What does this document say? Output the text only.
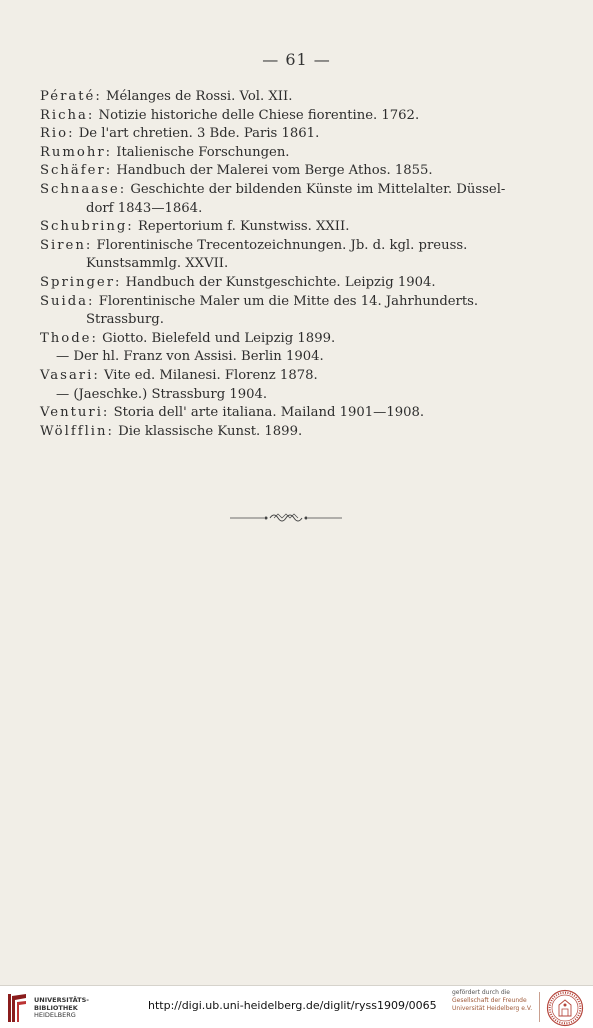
— 61 —
Pératé: Mélanges de Rossi. Vol. XII.
Richa: Notizie historiche delle Chiese fiorentine. 1762.
Rio: De l'art chretien. 3 Bde. Paris 1861.
Rumohr: Italienische Forschungen.
Schäfer: Handbuch der Malerei vom Berge Athos. 1855.
Schnaase: Geschichte der bildenden Künste im Mittelalter. Düssel-
dorf 1843—1864.
Schubring: Repertorium f. Kunstwiss. XXII.
Siren: Florentinische Trecentozeichnungen. Jb. d. kgl. preuss.
Kunstsammlg. XXVII.
Springer: Handbuch der Kunstgeschichte. Leipzig 1904.
Suida: Florentinische Maler um die Mitte des 14. Jahrhunderts.
Strassburg.
Thode: Giotto. Bielefeld und Leipzig 1899.
— Der hl. Franz von Assisi. Berlin 1904.
Vasari: Vite ed. Milanesi. Florenz 1878.
— (Jaeschke.) Strassburg 1904.
Venturi: Storia dell' arte italiana. Mailand 1901—1908.
Wölfflin: Die klassische Kunst. 1899.
UNIVERSITÄTS-
BIBLIOTHEK
HEIDELBERG
http://digi.ub.uni-heidelberg.de/diglit/ryss1909/0065
gefördert durch die
Gesellschaft der Freunde
Universität Heidelberg e.V.
